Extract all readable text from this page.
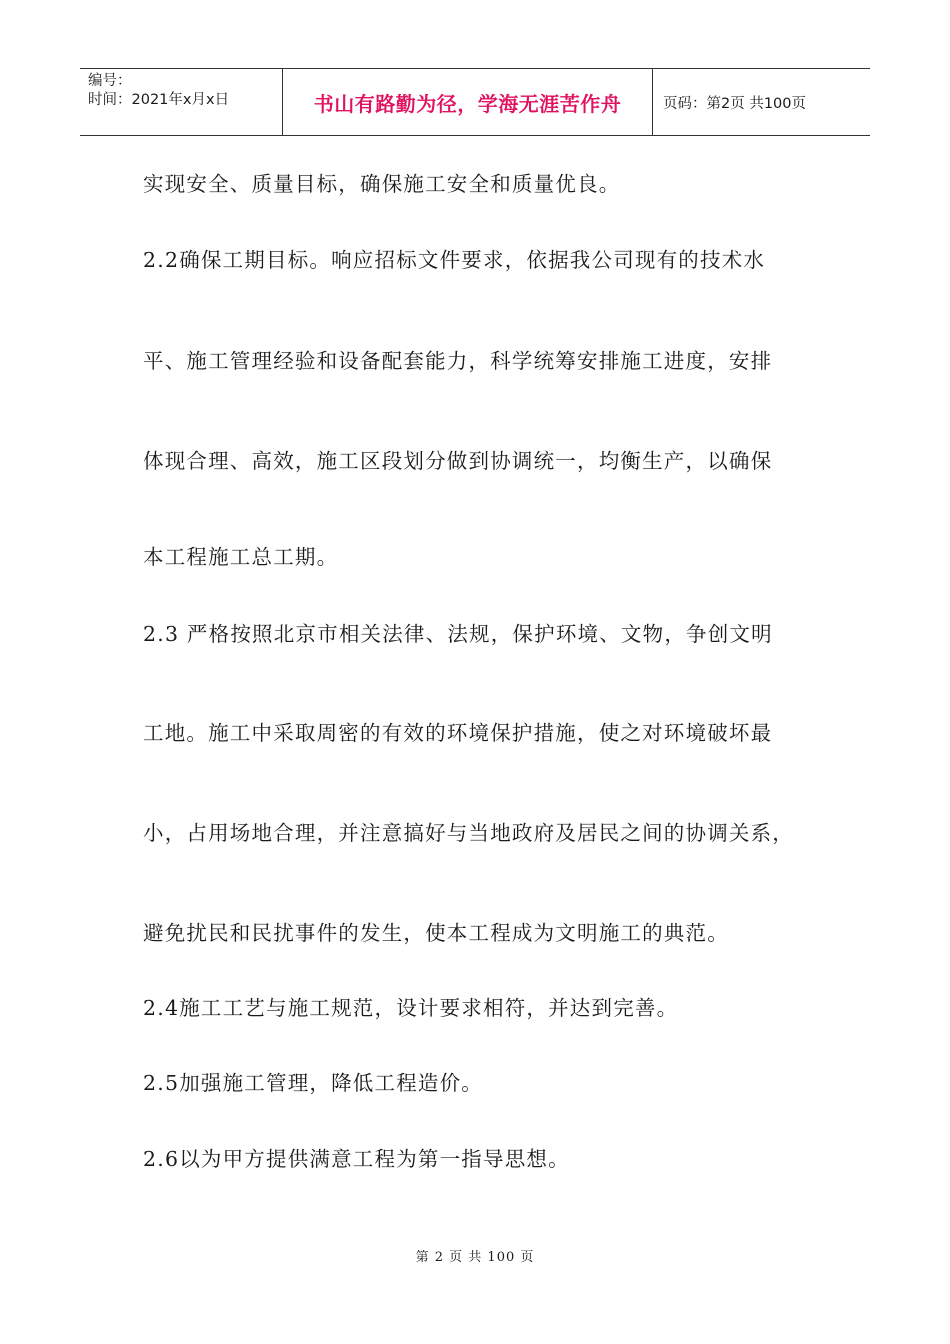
编号：
时间：2021年x月x日	书山有路勤为径，学海无涯苦作舟	页码：第2页 共100页
实现安全、质量目标，确保施工安全和质量优良。
2.2确保工期目标。响应招标文件要求，依据我公司现有的技术水
平、施工管理经验和设备配套能力，科学统筹安排施工进度，安排
体现合理、高效，施工区段划分做到协调统一，均衡生产，以确保
本工程施工总工期。
2.3 严格按照北京市相关法律、法规，保护环境、文物，争创文明
工地。施工中采取周密的有效的环境保护措施，使之对环境破坏最
小，占用场地合理，并注意搞好与当地政府及居民之间的协调关系，
避免扰民和民扰事件的发生，使本工程成为文明施工的典范。
2.4施工工艺与施工规范，设计要求相符，并达到完善。
2.5加强施工管理，降低工程造价。
2.6以为甲方提供满意工程为第一指导思想。
第 2 页 共 100 页
